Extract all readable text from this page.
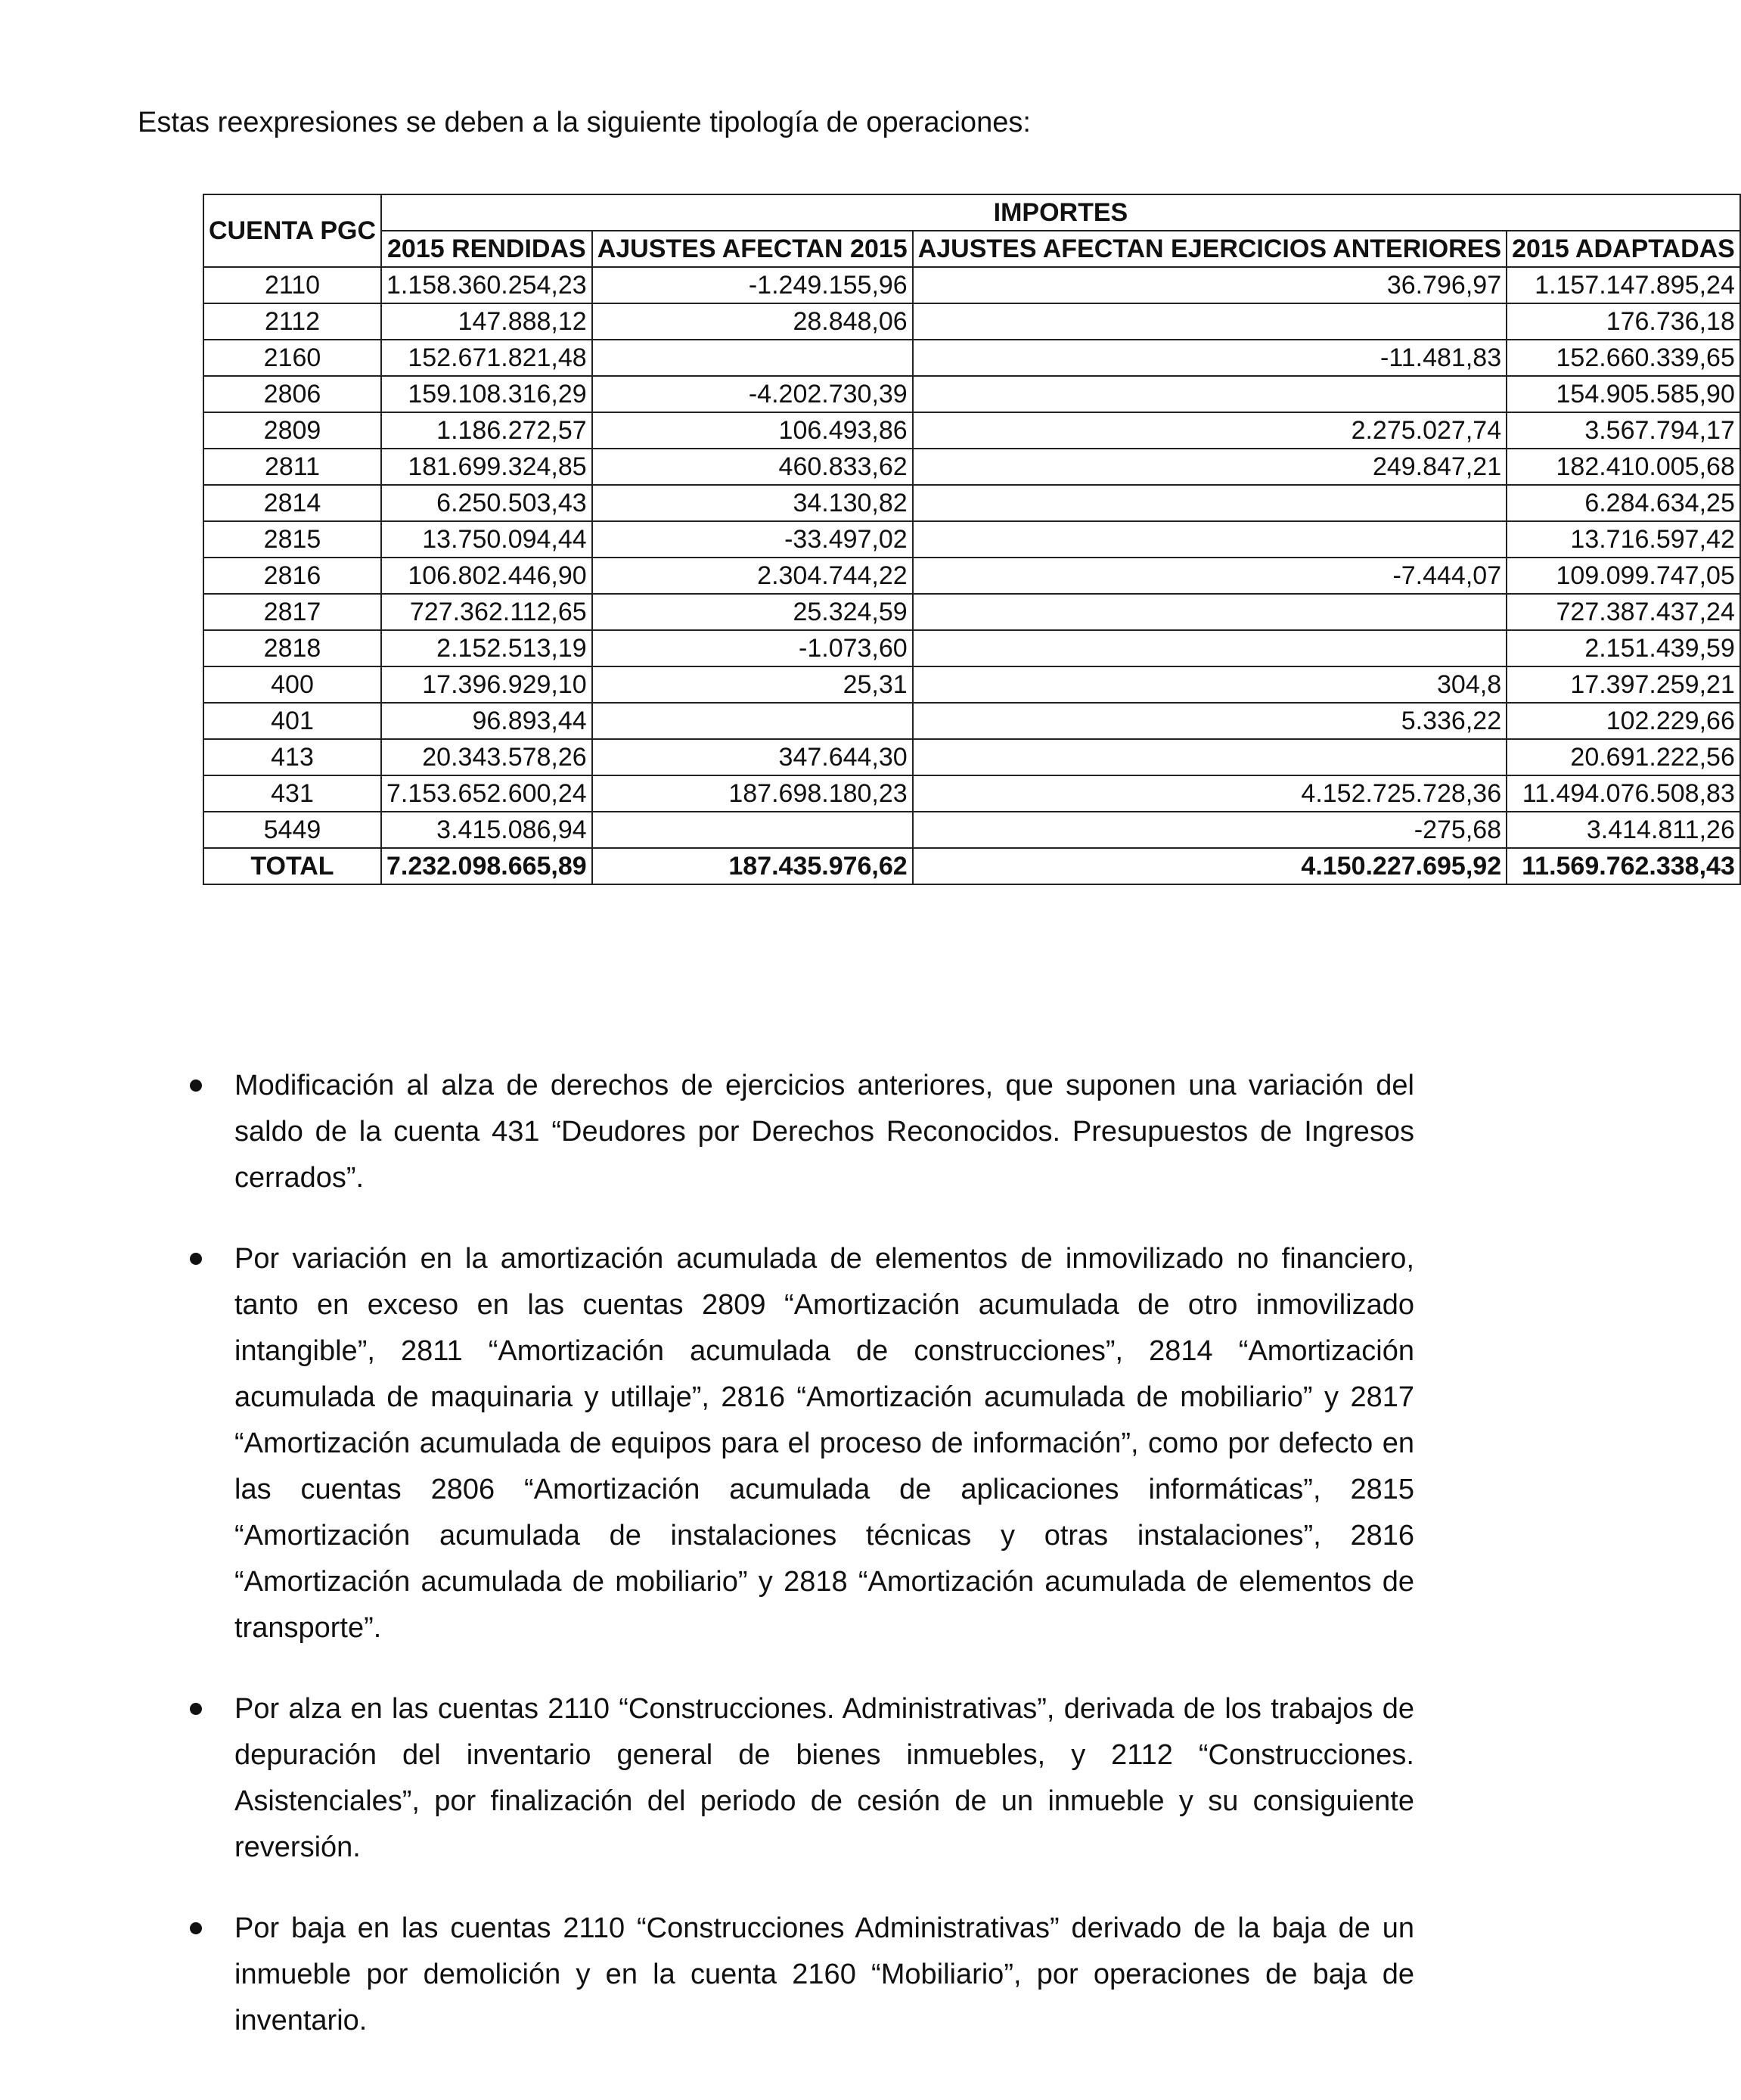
Estas reexpresiones se deben a la siguiente tipología de operaciones:

CUENTA PGC	IMPORTES			
	2015 RENDIDAS	AJUSTES AFECTAN 2015	AJUSTES AFECTAN EJERCICIOS ANTERIORES	2015 ADAPTADAS
2110	1.158.360.254,23	-1.249.155,96	36.796,97	1.157.147.895,24
2112	147.888,12	28.848,06		176.736,18
2160	152.671.821,48		-11.481,83	152.660.339,65
2806	159.108.316,29	-4.202.730,39		154.905.585,90
2809	1.186.272,57	106.493,86	2.275.027,74	3.567.794,17
2811	181.699.324,85	460.833,62	249.847,21	182.410.005,68
2814	6.250.503,43	34.130,82		6.284.634,25
2815	13.750.094,44	-33.497,02		13.716.597,42
2816	106.802.446,90	2.304.744,22	-7.444,07	109.099.747,05
2817	727.362.112,65	25.324,59		727.387.437,24
2818	2.152.513,19	-1.073,60		2.151.439,59
400	17.396.929,10	25,31	304,8	17.397.259,21
401	96.893,44		5.336,22	102.229,66
413	20.343.578,26	347.644,30		20.691.222,56
431	7.153.652.600,24	187.698.180,23	4.152.725.728,36	11.494.076.508,83
5449	3.415.086,94		-275,68	3.414.811,26
TOTAL	7.232.098.665,89	187.435.976,62	4.150.227.695,92	11.569.762.338,43
Modificación al alza de derechos de ejercicios anteriores, que suponen una variación del saldo de la cuenta 431 “Deudores por Derechos Reconocidos. Presupuestos de Ingresos cerrados”.
Por variación en la amortización acumulada de elementos de inmovilizado no financiero, tanto en exceso en las cuentas 2809 “Amortización acumulada de otro inmovilizado intangible”, 2811 “Amortización acumulada de construcciones”, 2814 “Amortización acumulada de maquinaria y utillaje”, 2816 “Amortización acumulada de mobiliario” y 2817 “Amortización acumulada de equipos para el proceso de información”, como por defecto en las cuentas 2806 “Amortización acumulada de aplicaciones informáticas”, 2815 “Amortización acumulada de instalaciones técnicas y otras instalaciones”, 2816 “Amortización acumulada de mobiliario” y 2818 “Amortización acumulada de elementos de transporte”.
Por alza en las cuentas 2110 “Construcciones. Administrativas”, derivada de los trabajos de depuración del inventario general de bienes inmuebles, y 2112 “Construcciones. Asistenciales”, por finalización del periodo de cesión de un inmueble y su consiguiente reversión.
Por baja en las cuentas 2110 “Construcciones Administrativas” derivado de la baja de un inmueble por demolición y en la cuenta 2160 “Mobiliario”, por operaciones de baja de inventario.
